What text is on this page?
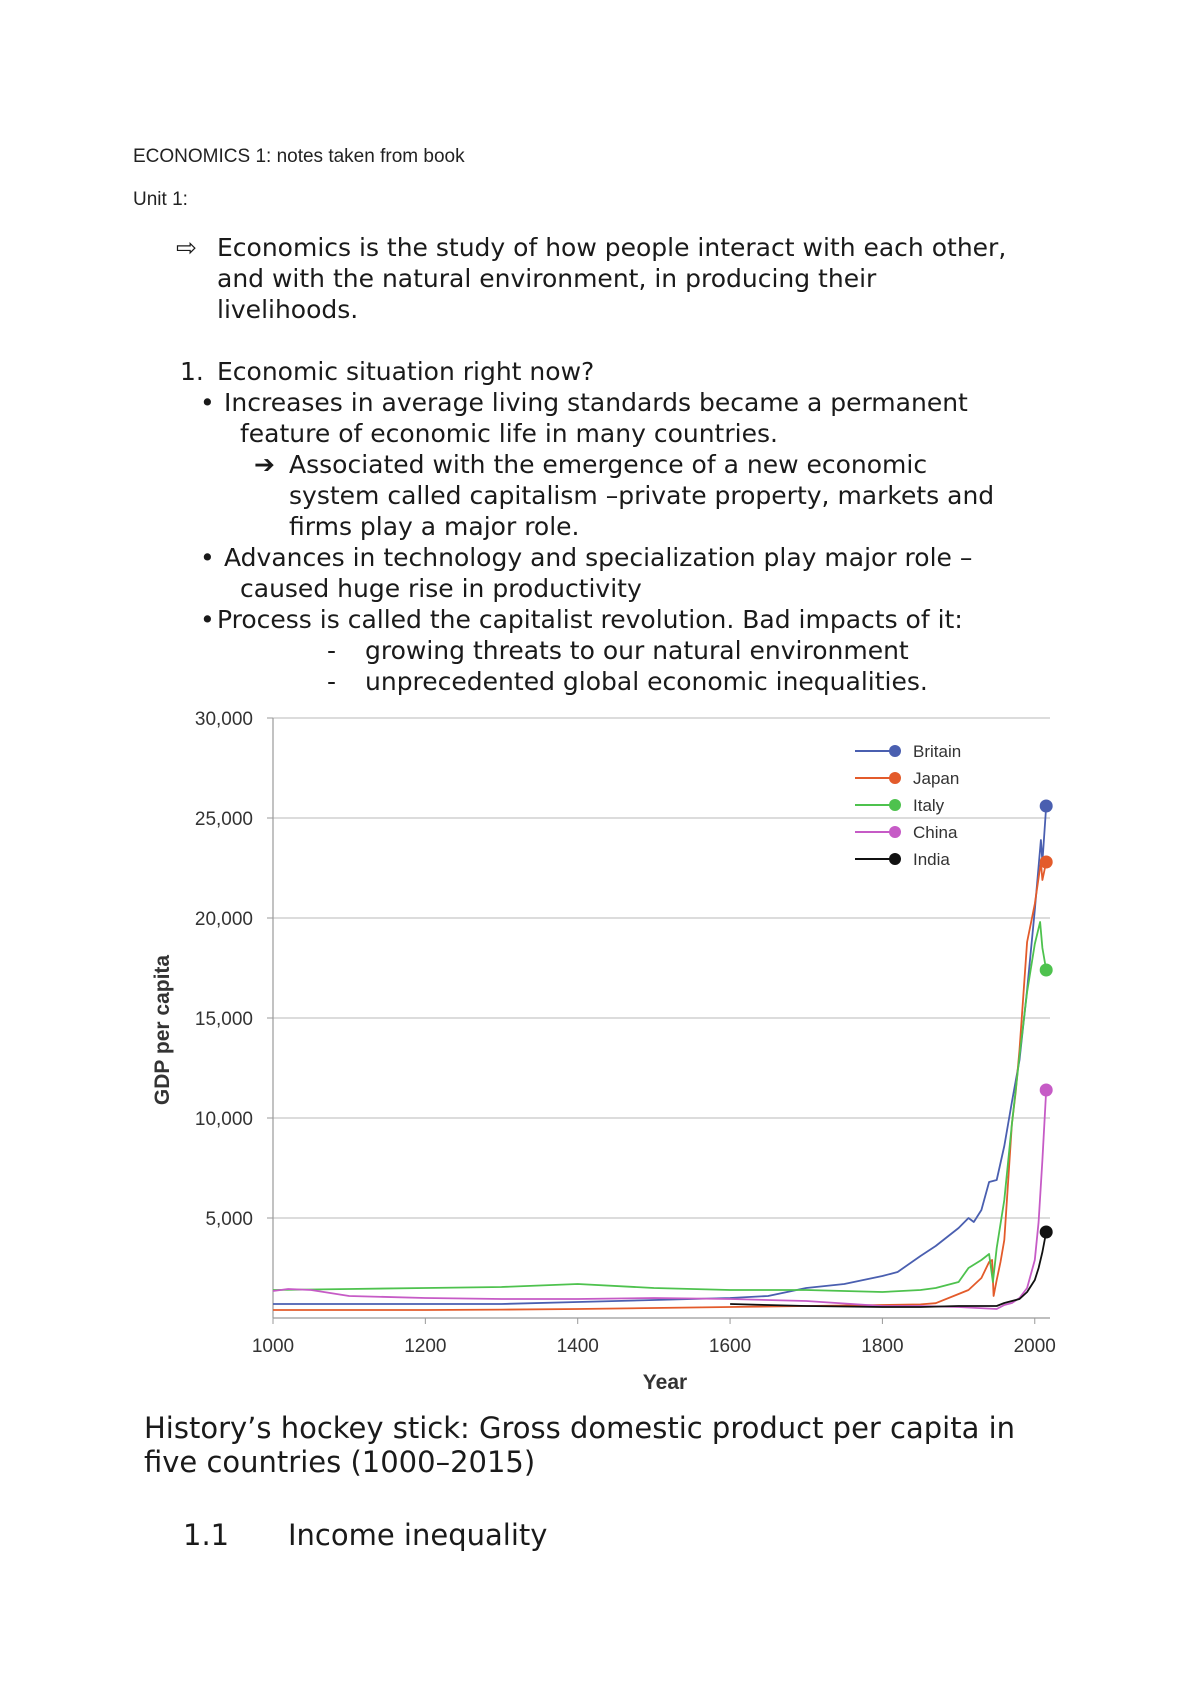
ECONOMICS 1: notes taken from book
Unit 1:
⇨ Economics is the study of how people interact with each other,
and with the natural environment, in producing their
livelihoods.
1. Economic situation right now?
• Increases in average living standards became a permanent
feature of economic life in many countries.
➔ Associated with the emergence of a new economic
system called capitalism –private property, markets and
firms play a major role.
• Advances in technology and specialization play major role –
caused huge rise in productivity
• Process is called the capitalist revolution. Bad impacts of it:
- growing threats to our natural environment
- unprecedented global economic inequalities.
5,000
10,000
15,000
20,000
25,000
30,000
1000	1200	1400	1600	1800	2000
Britain
Japan
Italy
China
India
Year
GDP per capita
History’s hockey stick: Gross domestic product per capita in
five countries (1000–2015)
1.1 Income inequality
